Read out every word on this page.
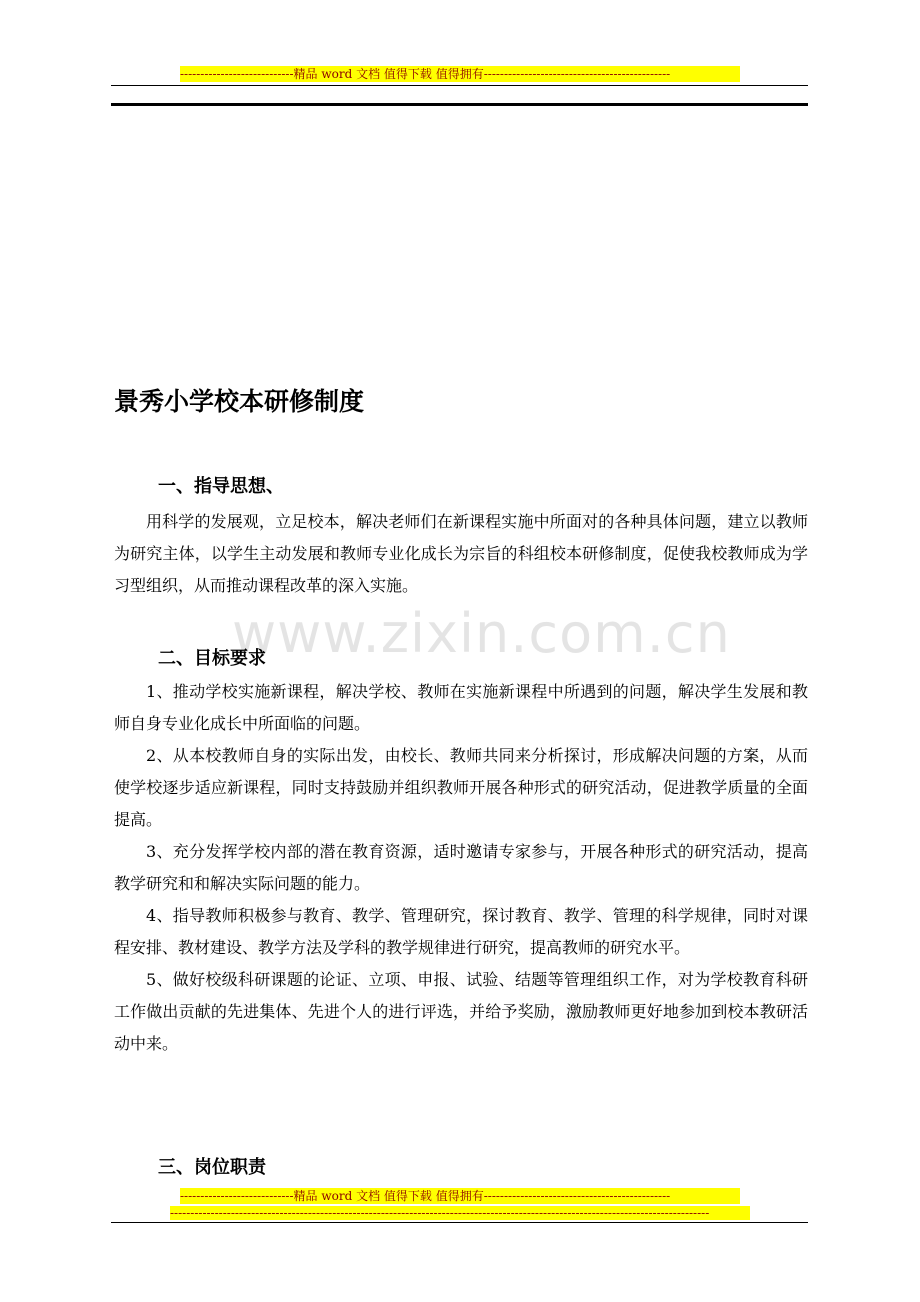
----------------------------精品 word 文档 值得下载 值得拥有----------------------------------------------
景秀小学校本研修制度
一、指导思想、

用科学的发展观，立足校本，解决老师们在新课程实施中所面对的各种具体问题，建立以教师为研究主体，以学生主动发展和教师专业化成长为宗旨的科组校本研修制度，促使我校教师成为学习型组织，从而推动课程改革的深入实施。

www.zixin.com.cn
二、目标要求
1、推动学校实施新课程，解决学校、教师在实施新课程中所遇到的问题，解决学生发展和教师自身专业化成长中所面临的问题。
2、从本校教师自身的实际出发，由校长、教师共同来分析探讨，形成解决问题的方案，从而使学校逐步适应新课程，同时支持鼓励并组织教师开展各种形式的研究活动，促进教学质量的全面提高。
3、充分发挥学校内部的潜在教育资源，适时邀请专家参与，开展各种形式的研究活动，提高教学研究和和解决实际问题的能力。
4、指导教师积极参与教育、教学、管理研究，探讨教育、教学、管理的科学规律，同时对课程安排、教材建设、教学方法及学科的教学规律进行研究，提高教师的研究水平。
5、做好校级科研课题的论证、立项、申报、试验、结题等管理组织工作，对为学校教育科研工作做出贡献的先进集体、先进个人的进行评选，并给予奖励，激励教师更好地参加到校本教研活动中来。
三、岗位职责
----------------------------精品 word 文档 值得下载 值得拥有----------------------------------------------
-------------------------------------------------------------------------------------------------------------------------------------
